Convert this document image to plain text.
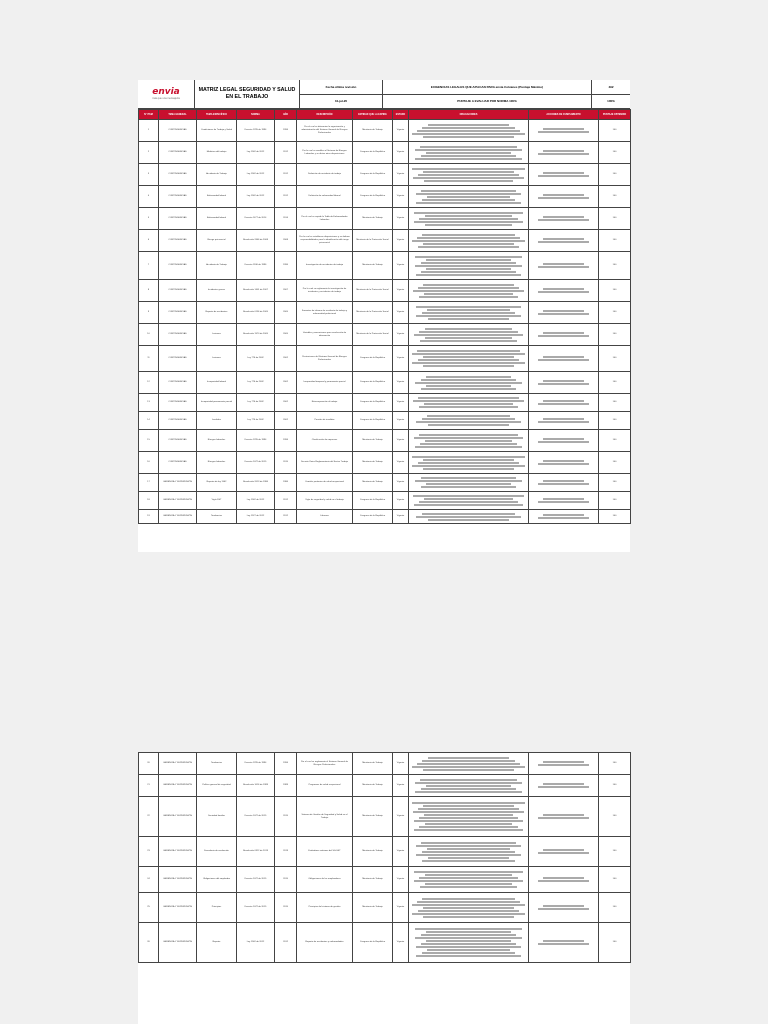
envia
más que una mensajería
MATRIZ LEGAL SEGURIDAD Y SALUD EN EL TRABAJO
Fecha última revisión
31-jul-20
EXIGENCIAS LEGALES QUE APLICAN PARA envía Colvanes (Puntaje Máximo)
PUNTAJE A EVALUAR POR NORMA 100%
492
100%
N° ITEM	TEMA GENERAL	TEMA ESPECÍFICO	NORMA	AÑO	DESCRIPCIÓN	ENTIDAD QUE LA EXPIDE	ESTADO	OBLIGACIONES	ACCIONES DE CUMPLIMIENTO	PUNTAJE OBTENIDO
1	CONTINGENCIAS	Condiciones de Trabajo y Salud	Decreto 1295 de 1994	1994	Por el cual se determina la organización y administración del Sistema General de Riesgos Profesionales	Ministerio de Trabajo	Vigente			100
2	CONTINGENCIAS	Medicina del trabajo	Ley 1562 de 2012	2012	Por la cual se modifica el Sistema de Riesgos Laborales y se dictan otras disposiciones	Congreso de la República	Vigente			100
3	CONTINGENCIAS	Accidente de Trabajo	Ley 1562 de 2012	2012	Definición de accidente de trabajo	Congreso de la República	Vigente			100
4	CONTINGENCIAS	Enfermedad laboral	Ley 1562 de 2012	2012	Definición de enfermedad laboral	Congreso de la República	Vigente			100
5	CONTINGENCIAS	Enfermedad laboral	Decreto 1477 de 2014	2014	Por el cual se expide la Tabla de Enfermedades Laborales	Ministerio de Trabajo	Vigente			100
6	CONTINGENCIAS	Riesgo psicosocial	Resolución 2646 de 2008	2008	Por la cual se establecen disposiciones y se definen responsabilidades para la identificación del riesgo psicosocial	Ministerio de la Protección Social	Vigente			100
7	CONTINGENCIAS	Accidente de Trabajo	Decreto 1530 de 1996	1996	Investigación de accidentes de trabajo	Ministerio de Trabajo	Vigente			100
8	CONTINGENCIAS	Incidentes graves	Resolución 1401 de 2007	2007	Por la cual se reglamenta la investigación de incidentes y accidentes de trabajo	Ministerio de la Protección Social	Vigente			100
9	CONTINGENCIAS	Reporte de accidentes	Resolución 0156 de 2005	2005	Formatos de informe de accidente de trabajo y enfermedad profesional	Ministerio de la Protección Social	Vigente			100
10	CONTINGENCIAS	Lesiones	Resolución 1570 de 2005	2005	Variables y mecanismos para recolección de información	Ministerio de la Protección Social	Vigente			100
11	CONTINGENCIAS	Lesiones	Ley 776 de 2002	2002	Prestaciones del Sistema General de Riesgos Profesionales	Congreso de la República	Vigente			100
12	CONTINGENCIAS	Incapacidad laboral	Ley 776 de 2002	2002	Incapacidad temporal y permanente parcial	Congreso de la República	Vigente			100
13	CONTINGENCIAS	Incapacidad permanente parcial	Ley 776 de 2002	2002	Reincorporación al trabajo	Congreso de la República	Vigente			100
14	CONTINGENCIAS	Invalidez	Ley 776 de 2002	2002	Pensión de invalidez	Congreso de la República	Vigente			100
15	CONTINGENCIAS	Riesgos laborales	Decreto 1295 de 1994	1994	Clasificación de empresas	Ministerio de Trabajo	Vigente			100
16	CONTINGENCIAS	Riesgos laborales	Decreto 1072 de 2015	2015	Decreto Único Reglamentario del Sector Trabajo	Ministerio de Trabajo	Vigente			100
17	GERENCIA Y SUPERVISIÓN	Reporte de ley 1562	Resolución 2013 de 1986	1986	Comités paritarios de salud ocupacional	Ministerio de Trabajo	Vigente			100
18	GERENCIA Y SUPERVISIÓN	Vigía SST	Ley 1562 de 2012	2012	Vigía de seguridad y salud en el trabajo	Congreso de la República	Vigente			100
19	GERENCIA Y SUPERVISIÓN	Tendencias	Ley 1527 de 2012	2012	Libranza	Congreso de la República	Vigente			100
20	GERENCIA Y SUPERVISIÓN	Tendencias	Decreto 1295 de 1994	1994	Por el cual se reglamenta el Sistema General de Riesgos Profesionales	Ministerio de Trabajo	Vigente			100
21	GERENCIA Y SUPERVISIÓN	Política general de seguridad	Resolución 1016 de 1989	1989	Programas de salud ocupacional	Ministerio de Trabajo	Vigente			100
22	GERENCIA Y SUPERVISIÓN	Sociedad familiar	Decreto 1072 de 2015	2015	Sistema de Gestión de Seguridad y Salud en el Trabajo	Ministerio de Trabajo	Vigente			100
23	GERENCIA Y SUPERVISIÓN	Formulario de evaluación	Resolución 0312 de 2019	2019	Estándares mínimos del SG-SST	Ministerio de Trabajo	Vigente			100
24	GERENCIA Y SUPERVISIÓN	Obligaciones del empleador	Decreto 1072 de 2015	2015	Obligaciones de los empleadores	Ministerio de Trabajo	Vigente			100
25	GERENCIA Y SUPERVISIÓN	Principios	Decreto 1072 de 2015	2015	Principios del sistema de gestión	Ministerio de Trabajo	Vigente			100
26	GERENCIA Y SUPERVISIÓN	Reporte	Ley 1562 de 2012	2012	Reporte de accidentes y enfermedades	Congreso de la República	Vigente			100
